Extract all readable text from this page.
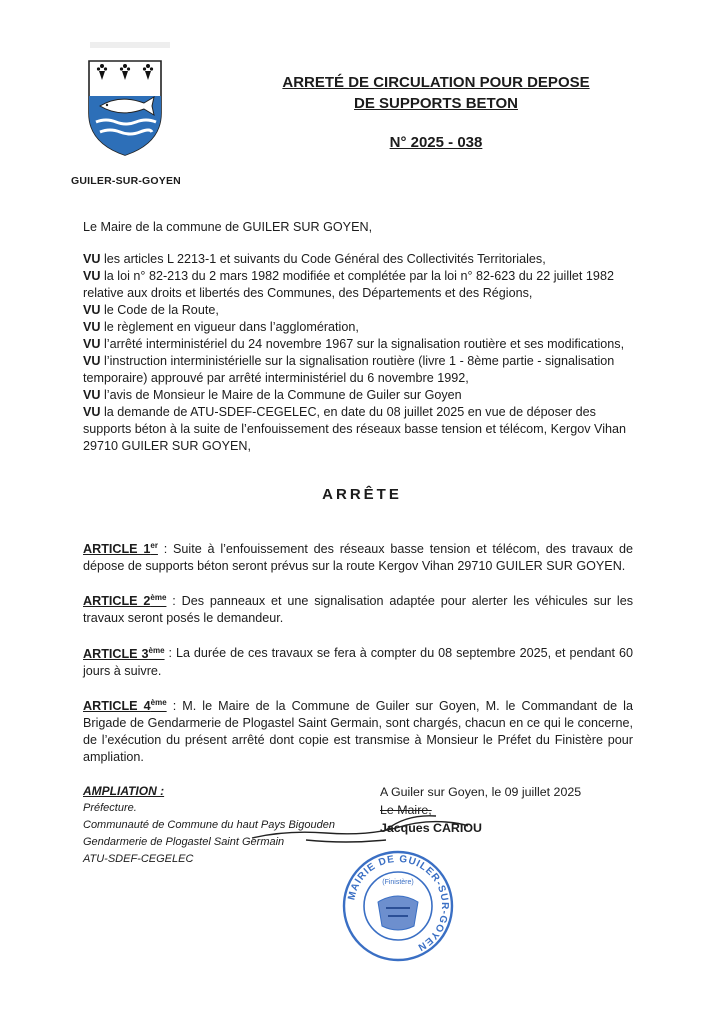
GUILER-SUR-GOYEN
ARRETÉ DE CIRCULATION POUR DEPOSE
DE SUPPORTS BETON
N° 2025 - 038

Le Maire de la commune de GUILER SUR GOYEN,

VU les articles L 2213-1 et suivants du Code Général des Collectivités Territoriales,

VU la loi n° 82-213 du 2 mars 1982 modifiée et complétée par la loi n° 82-623 du 22 juillet 1982 relative aux droits et libertés des Communes, des Départements et des Régions,

VU le Code de la Route,

VU le règlement en vigueur dans l’agglomération,

VU l’arrêté interministériel du 24 novembre 1967 sur la signalisation routière et ses modifications,

VU l’instruction interministérielle sur la signalisation routière (livre 1 - 8ème partie - signalisation temporaire) approuvé par arrêté interministériel du 6 novembre 1992,

VU l’avis de Monsieur le Maire de la Commune de Guiler sur Goyen

VU la demande de ATU-SDEF-CEGELEC, en date du 08 juillet 2025 en vue de déposer des supports béton à la suite de l’enfouissement des réseaux basse tension et télécom, Kergov Vihan 29710 GUILER SUR GOYEN,

ARRÊTE

ARTICLE 1er : Suite à l’enfouissement des réseaux basse tension et télécom, des travaux de dépose de supports béton seront prévus sur la route Kergov Vihan 29710 GUILER SUR GOYEN.

ARTICLE 2ème : Des panneaux et une signalisation adaptée pour alerter les véhicules sur les travaux seront posés le demandeur.

ARTICLE 3ème : La durée de ces travaux se fera à compter du 08 septembre 2025, et pendant 60 jours à suivre.

ARTICLE 4ème : M. le Maire de la Commune de Guiler sur Goyen, M. le Commandant de la Brigade de Gendarmerie de Plogastel Saint Germain, sont chargés, chacun en ce qui le concerne, de l’exécution du présent arrêté dont copie est transmise à Monsieur le Préfet du Finistère pour ampliation.

AMPLIATION :
Préfecture.
Communauté de Commune du haut Pays Bigouden
Gendarmerie de Plogastel Saint Germain
ATU-SDEF-CEGELEC
A Guiler sur Goyen, le 09 juillet 2025
Le Maire,
Jacques CARIOU
MAIRIE DE GUILER-SUR-GOYEN
(Finistère)
